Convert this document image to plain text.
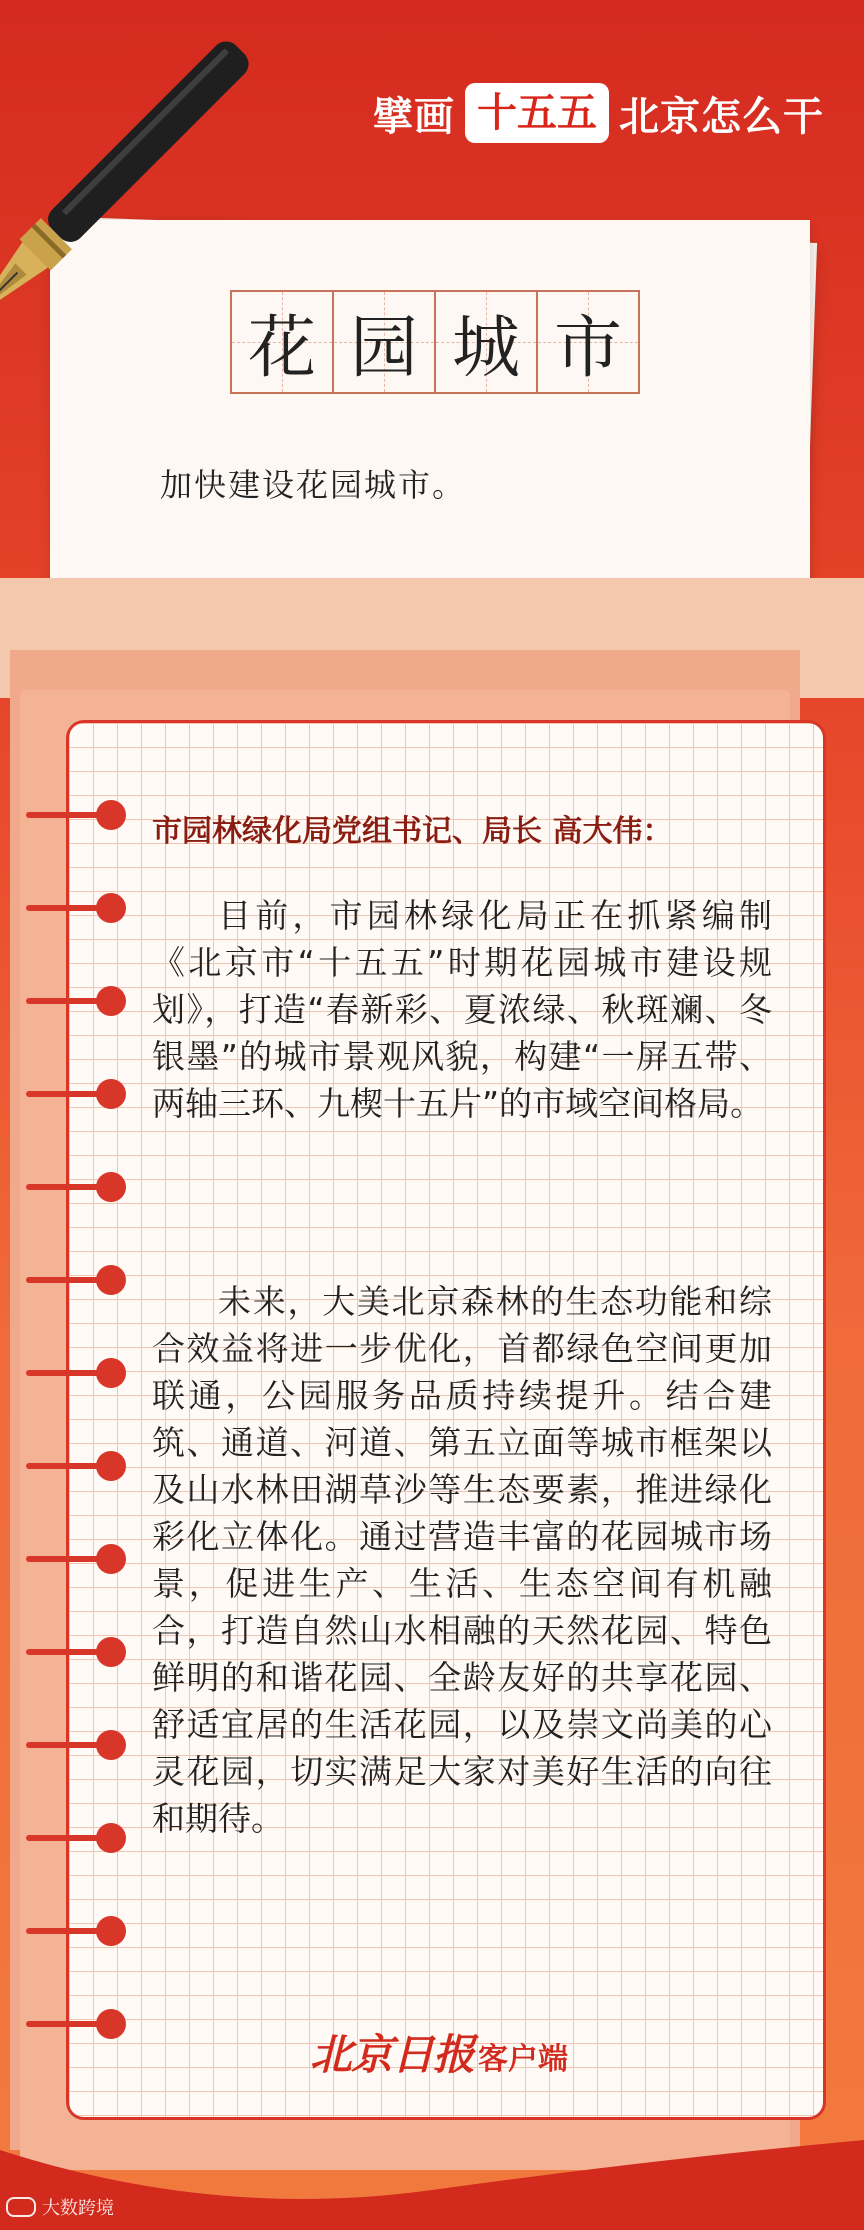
擘画 十五五 北京怎么干
花 园 城 市
加快建设花园城市。
市园林绿化局党组书记、局长 高大伟：
目前，市园林绿化局正在抓紧编制《北京市“十五五”时期花园城市建设规划》，打造“春新彩、夏浓绿、秋斑斓、冬银墨”的城市景观风貌，构建“一屏五带、两轴三环、九楔十五片”的市域空间格局。
未来，大美北京森林的生态功能和综合效益将进一步优化，首都绿色空间更加联通，公园服务品质持续提升。结合建筑、通道、河道、第五立面等城市框架以及山水林田湖草沙等生态要素，推进绿化彩化立体化。通过营造丰富的花园城市场景，促进生产、生活、生态空间有机融合，打造自然山水相融的天然花园、特色鲜明的和谐花园、全龄友好的共享花园、舒适宜居的生活花园，以及崇文尚美的心灵花园，切实满足大家对美好生活的向往和期待。
北京日报 客户端
大数跨境
